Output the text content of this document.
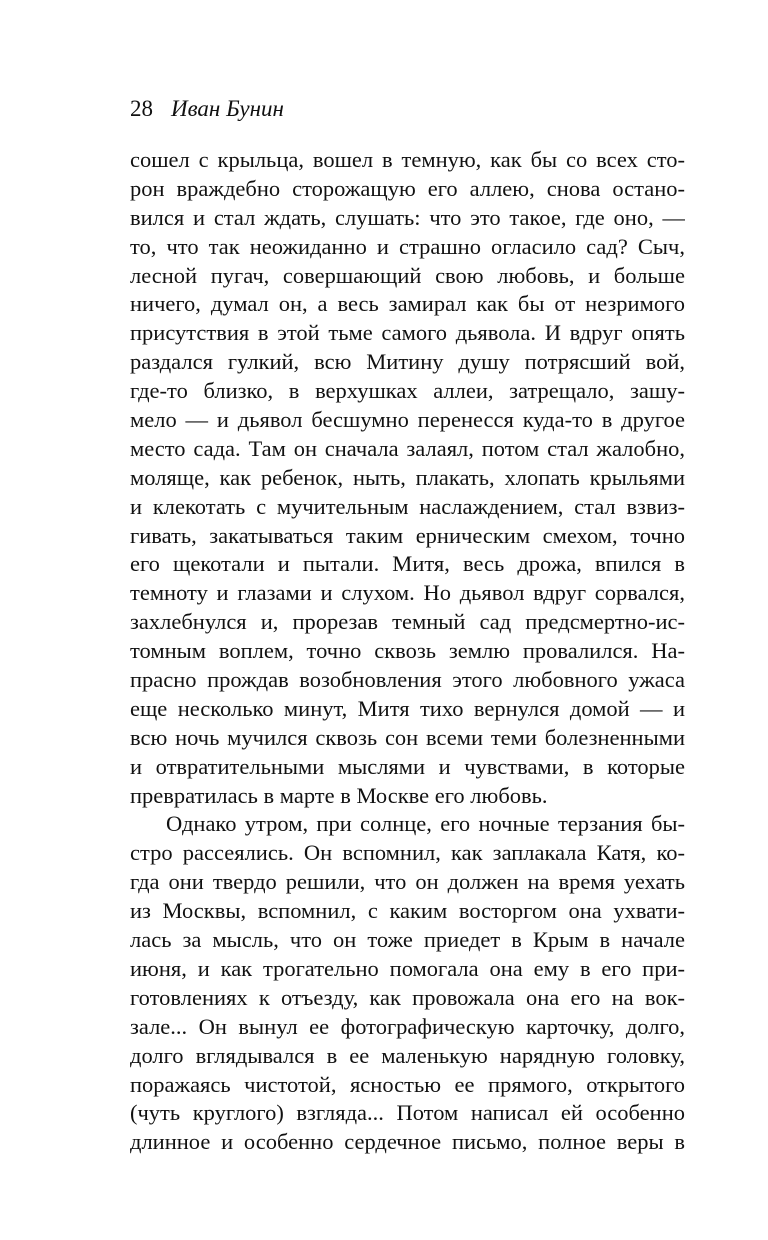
28 Иван Бунин
сошел с крыльца, вошел в темную, как бы со всех сто-
рон враждебно сторожащую его аллею, снова остано-
вился и стал ждать, слушать: что это такое, где оно, —
то, что так неожиданно и страшно огласило сад? Сыч,
лесной пугач, совершающий свою любовь, и больше
ничего, думал он, а весь замирал как бы от незримого
присутствия в этой тьме самого дьявола. И вдруг опять
раздался гулкий, всю Митину душу потрясший вой,
где-то близко, в верхушках аллеи, затрещало, зашу-
мело — и дьявол бесшумно перенесся куда-то в другое
место сада. Там он сначала залаял, потом стал жалобно,
моляще, как ребенок, ныть, плакать, хлопать крыльями
и клекотать с мучительным наслаждением, стал взвиз-
гивать, закатываться таким ерническим смехом, точно
его щекотали и пытали. Митя, весь дрожа, впился в
темноту и глазами и слухом. Но дьявол вдруг сорвался,
захлебнулся и, прорезав темный сад предсмертно-ис-
томным воплем, точно сквозь землю провалился. На-
прасно прождав возобновления этого любовного ужаса
еще несколько минут, Митя тихо вернулся домой — и
всю ночь мучился сквозь сон всеми теми болезненными
и отвратительными мыслями и чувствами, в которые
превратилась в марте в Москве его любовь.
Однако утром, при солнце, его ночные терзания бы-
стро рассеялись. Он вспомнил, как заплакала Катя, ко-
гда они твердо решили, что он должен на время уехать
из Москвы, вспомнил, с каким восторгом она ухвати-
лась за мысль, что он тоже приедет в Крым в начале
июня, и как трогательно помогала она ему в его при-
готовлениях к отъезду, как провожала она его на вок-
зале... Он вынул ее фотографическую карточку, долго,
долго вглядывался в ее маленькую нарядную головку,
поражаясь чистотой, ясностью ее прямого, открытого
(чуть круглого) взгляда... Потом написал ей особенно
длинное и особенно сердечное письмо, полное веры в
